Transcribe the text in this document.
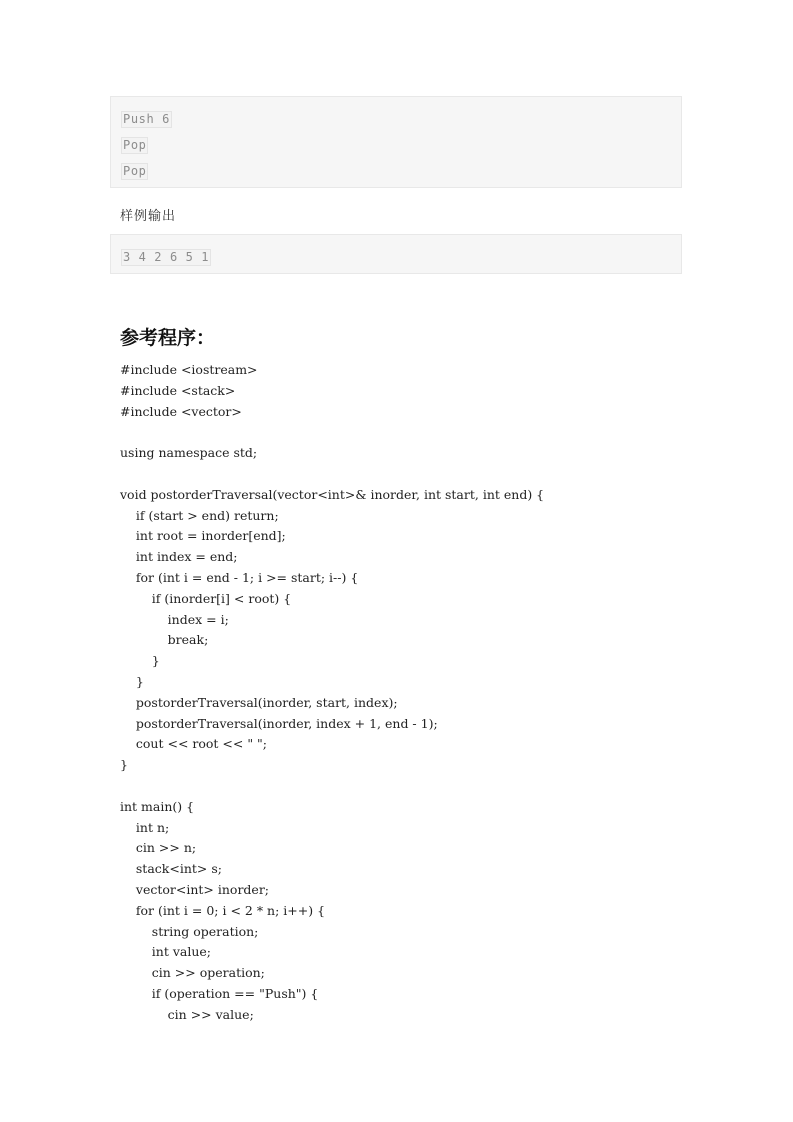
Push 6
Pop
Pop
样例输出
3 4 2 6 5 1
参考程序：
#include <iostream>
#include <stack>
#include <vector>
using namespace std;
void postorderTraversal(vector<int>& inorder, int start, int end) {
if (start > end) return;
int root = inorder[end];
int index = end;
for (int i = end - 1; i >= start; i--) {
if (inorder[i] < root) {
index = i;
break;
}
}
postorderTraversal(inorder, start, index);
postorderTraversal(inorder, index + 1, end - 1);
cout << root << " ";
}
int main() {
int n;
cin >> n;
stack<int> s;
vector<int> inorder;
for (int i = 0; i < 2 * n; i++) {
string operation;
int value;
cin >> operation;
if (operation == "Push") {
cin >> value;
